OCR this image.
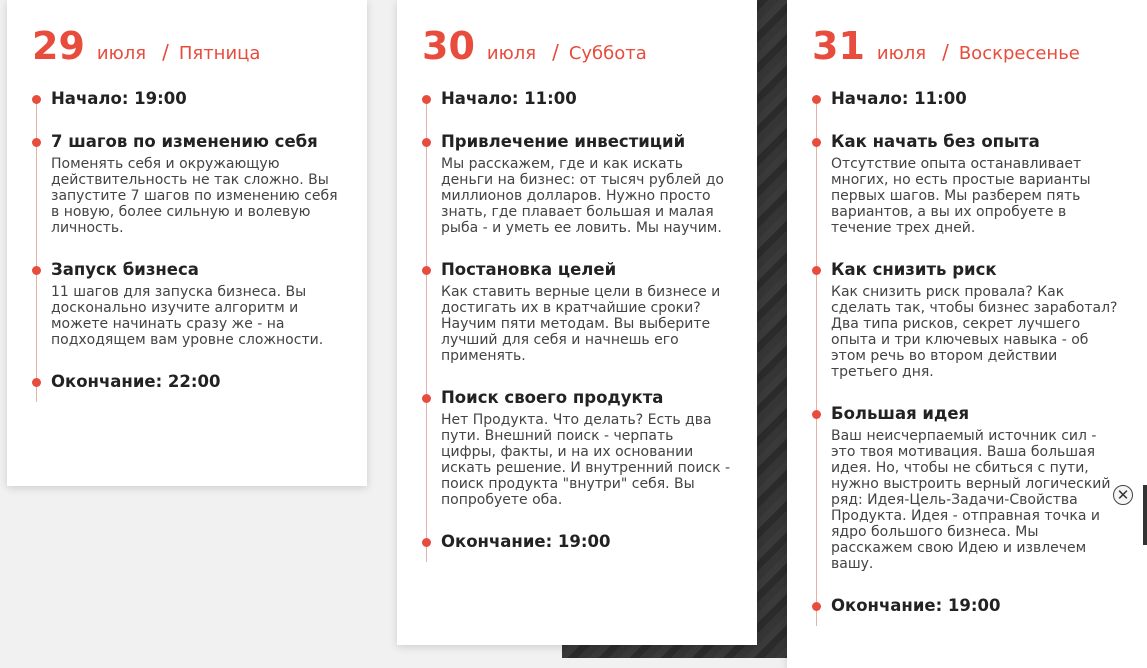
29 июля / Пятница
Начало: 19:00
7 шагов по изменению себя
Поменять себя и окружающую действительность не так сложно. Вы запустите 7 шагов по изменению себя в новую, более сильную и волевую личность.
Запуск бизнеса
11 шагов для запуска бизнеса. Вы досконально изучите алгоритм и можете начинать сразу же - на подходящем вам уровне сложности.
Окончание: 22:00
30 июля / Суббота
Начало: 11:00
Привлечение инвестиций
Мы расскажем, где и как искать деньги на бизнес: от тысяч рублей до миллионов долларов. Нужно просто знать, где плавает большая и малая рыба - и уметь ее ловить. Мы научим.
Постановка целей
Как ставить верные цели в бизнесе и достигать их в кратчайшие сроки? Научим пяти методам. Вы выберите лучший для себя и начнешь его применять.
Поиск своего продукта
Нет Продукта. Что делать? Есть два пути. Внешний поиск - черпать цифры, факты, и на их основании искать решение. И внутренний поиск - поиск продукта "внутри" себя. Вы попробуете оба.
Окончание: 19:00
31 июля / Воскресенье
Начало: 11:00
Как начать без опыта
Отсутствие опыта останавливает многих, но есть простые варианты первых шагов. Мы разберем пять вариантов, а вы их опробуете в течение трех дней.
Как снизить риск
Как снизить риск провала? Как сделать так, чтобы бизнес заработал? Два типа рисков, секрет лучшего опыта и три ключевых навыка - об этом речь во втором действии третьего дня.
Большая идея
Ваш неисчерпаемый источник сил - это твоя мотивация. Ваша большая идея. Но, чтобы не сбиться с пути, нужно выстроить верный логический ряд: Идея-Цель-Задачи-Свойства Продукта. Идея - отправная точка и ядро большого бизнеса. Мы расскажем свою Идею и извлечем вашу.
Окончание: 19:00
✕
